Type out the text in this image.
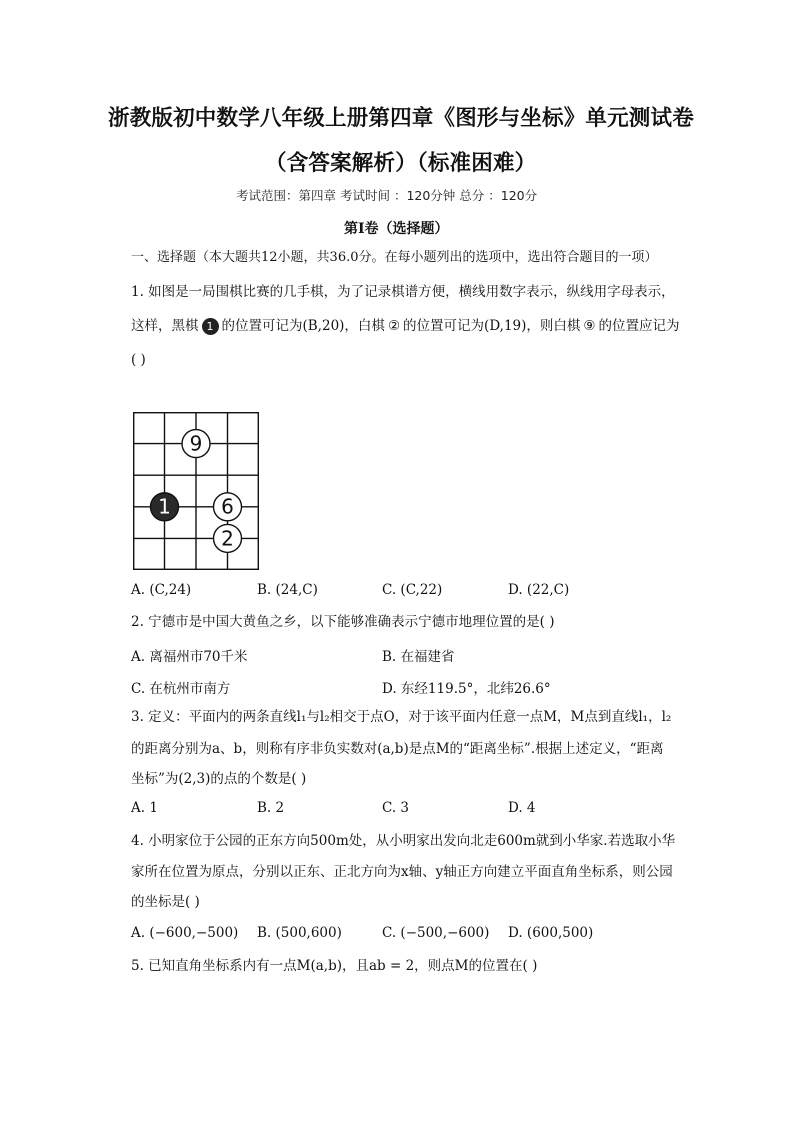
浙教版初中数学八年级上册第四章《图形与坐标》单元测试卷
（含答案解析）（标准困难）
考试范围：第四章 考试时间 ：120分钟 总分 ：120分
第Ⅰ卷（选择题）
一、选择题（本大题共12小题，共36.0分。在每小题列出的选项中，选出符合题目的一项）
1. 如图是一局围棋比赛的几手棋，为了记录棋谱方便，横线用数字表示，纵线用字母表示，
这样，黑棋 1 的位置可记为(B,20)，白棋 ② 的位置可记为(D,19)，则白棋 ⑨ 的位置应记为
( )
9
1	6
2
A. (C,24)	B. (24,C)	C. (C,22)	D. (22,C)
2. 宁德市是中国大黄鱼之乡，以下能够准确表示宁德市地理位置的是( )
A. 离福州市70千米	B. 在福建省
C. 在杭州市南方	D. 东经119.5°，北纬26.6°
3. 定义：平面内的两条直线l₁与l₂相交于点O，对于该平面内任意一点M，M点到直线l₁，l₂
的距离分别为a、b，则称有序非负实数对(a,b)是点M的“距离坐标”.根据上述定义，“距离
坐标”为(2,3)的点的个数是( )
A. 1	B. 2	C. 3	D. 4
4. 小明家位于公园的正东方向500m处，从小明家出发向北走600m就到小华家.若选取小华
家所在位置为原点，分别以正东、正北方向为x轴、y轴正方向建立平面直角坐标系，则公园
的坐标是( )
A. (−600,−500) B. (500,600)	C. (−500,−600) D. (600,500)
5. 已知直角坐标系内有一点M(a,b)，且ab = 2，则点M的位置在( )
